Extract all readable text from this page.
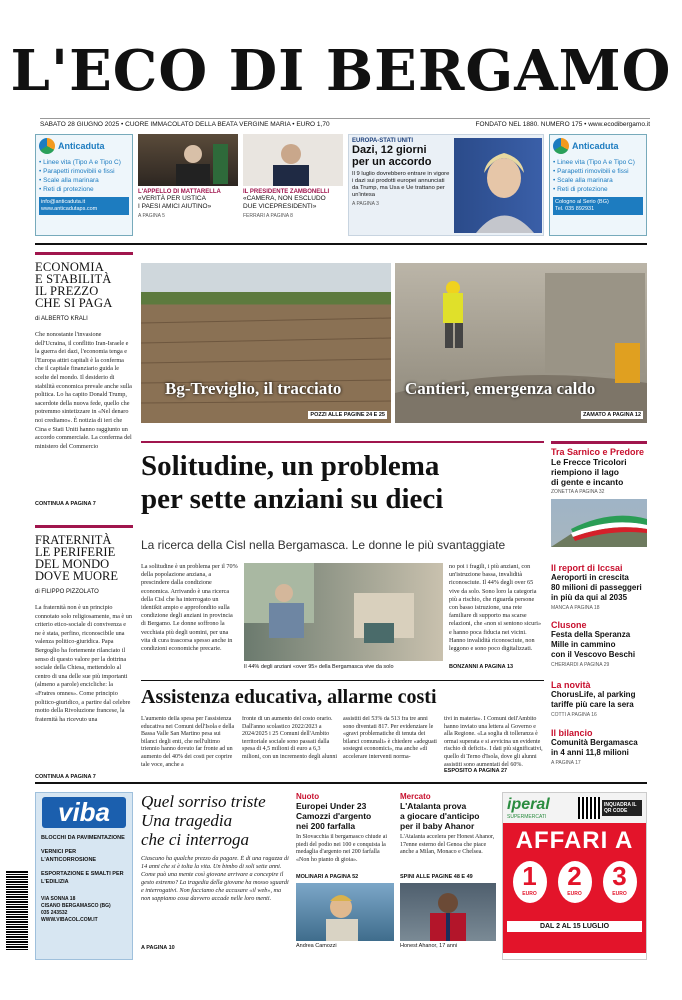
L'ECO DI BERGAMO
SABATO 28 GIUGNO 2025 • CUORE IMMACOLATO DELLA BEATA VERGINE MARIA • EURO 1,70	FONDATO NEL 1880. NUMERO 175 • www.ecodibergamo.it
Anticaduta
• Linee vita (Tipo A e Tipo C)
• Parapetti rimovibili e fissi
• Scale alla marinara
• Reti di protezione
info@anticaduta.it
www.anticadutaps.com
L'APPELLO DI MATTARELLA
«VERITÀ PER USTICA
I PAESI AMICI AIUTINO»
A PAGINA 5
IL PRESIDENTE ZAMBONELLI
«CAMERA, NON ESCLUDO
DUE VICEPRESIDENTI»
FERRARI A PAGINA 8
EUROPA-STATI UNITI
Dazi, 12 giorni
per un accordo
Il 9 luglio dovrebbero entrare in vigore i dazi sui prodotti europei annunciati da Trump, ma Usa e Ue trattano per un'intesa
A PAGINA 3
Anticaduta
• Linee vita (Tipo A e Tipo C)
• Parapetti rimovibili e fissi
• Scale alla marinara
• Reti di protezione
Cologno al Serio (BG)
Tel. 035 892931
ECONOMIA
E STABILITÀ
IL PREZZO
CHE SI PAGA
di ALBERTO KRALI
Che nonostante l'invasione dell'Ucraina, il conflitto Iran-Israele e la guerra dei dazi, l'economia tenga e l'Europa attiri capitali è la conferma che il capitale finanziario guida le scelte del mondo. Il desiderio di stabilità economica prevale anche sulla politica. Lo ha capito Donald Trump, sacerdote della nuova fede, quello che potremmo sintetizzare in «Nel denaro noi crediamo». È notizia di ieri che Cina e Stati Uniti hanno raggiunto un accordo commerciale. La conferma del ministero del Commercio
CONTINUA A PAGINA 7
FRATERNITÀ
LE PERIFERIE
DEL MONDO
DOVE MUORE
di FILIPPO PIZZOLATO
La fraternità non è un principio connotato solo religiosamente, ma è un criterio etico-sociale di convivenza e ne è stata, perfino, riconoscibile una valenza politico-giuridica. Papa Bergoglio ha fortemente rilanciato il senso di questo valore per la dottrina sociale della Chiesa, mettendolo al centro di una delle sue più importanti (almeno a parole) encicliche: la «Fratres omnes». Come principio politico-giuridico, a partire dal celebre motto della Rivoluzione francese, la fraternità ha ricevuto una
CONTINUA A PAGINA 7
Bg-Treviglio, il tracciato
POZZI ALLE PAGINE 24 E 25
Cantieri, emergenza caldo
ZAMATO A PAGINA 12
Solitudine, un problema
per sette anziani su dieci
La ricerca della Cisl nella Bergamasca. Le donne le più svantaggiate
La solitudine è un problema per il 70% della popolazione anziana, a prescindere dalla condizione economica. Arrivando è una ricerca della Cisl che ha interrogato un identikit ampio e approfondito sulla condizione degli anziani in provincia di Bergamo. Le donne soffrono la vecchiaia più degli uomini, per una vita di cura trascorsa spesso anche in condizioni economiche precarie.
Il 44% degli anziani «over 95» della Bergamasca vive da solo
no poi i fragili, i più anziani, con un'istruzione bassa, invalidità riconosciute. Il 44% degli over 65 vive da solo. Sono loro la categoria più a rischio, che riguarda persone con basso istruzione, una rete familiare di supporto ma scarse relazioni, che «non si sentono sicuri» e hanno poca fiducia nei vicini. Hanno invalidità riconosciute, non leggono e sono poco digitalizzati.
BONZANNI A PAGINA 13
Assistenza educativa, allarme costi
L'aumento della spesa per l'assistenza educativa nei Comuni dell'Isola e della Bassa Valle San Martino pesa sui bilanci degli enti, che nell'ultimo triennio hanno dovuto far fronte ad un aumento del 40% dei costi per coprire tale voce, anche a
fronte di un aumento del costo orario. Dall'anno scolastico 2022/2023 a 2024/2025 i 25 Comuni dell'Ambito territoriale sociale sono passati dalla spesa di 4,5 milioni di euro a 6,3 milioni, con un incremento degli alunni
assistiti del 53% da 513 fra tre anni sono diventati 817. Per evidenziare le «gravi problematiche di tenuta dei bilanci comunali» è chiedere «adeguati sostegni economici», ma anche «di accelerare interventi norma-
tivi in materia». I Comuni dell'Ambito hanno inviato una lettera al Governo e alla Regione. «La soglia di tolleranza è ormai superata e si avvicina un evidente rischio di deficit». I dati più significativi, quello di Terno d'Isola, dove gli alunni assistiti sono aumentati del 60%.
ESPOSITO A PAGINA 27
Tra Sarnico e Predore
Le Frecce Tricolori
riempiono il lago
di gente e incanto
ZONETTA A PAGINA 32
Il report di Iccsai
Aeroporti in crescita
80 milioni di passeggeri
in più da qui al 2035
MANCA A PAGINA 18
Clusone
Festa della Speranza
Mille in cammino
con il Vescovo Beschi
CHERIARDI A PAGINA 29
La novità
ChorusLife, al parking
tariffe più care la sera
COTTI A PAGINA 16
Il bilancio
Comunità Bergamasca
in 4 anni 11,8 milioni
A PAGINA 17
viba
BLOCCHI DA PAVIMENTAZIONE
VERNICI PER L'ANTICORROSIONE
ESPORTAZIONE E SMALTI PER L'EDILIZIA
VIA SONNA 18
CISANO BERGAMASCO (BG)
035 243532
WWW.VIBACOL.COM.IT
Quel sorriso triste
Una tragedia
che ci interroga
Ciascuno ha qualche prezzo da pagare. È di una ragazza di 14 anni che si è tolta la vita. Un bimbo di soli sette anni. Come può una mente così giovane arrivare a concepire il gesto estremo? La tragedia della giovane ha mosso sguardi e interrogativi. Non facciamo che accusare «il web», ma non sappiamo cosa davvero accade nelle loro menti.
A PAGINA 10
Nuoto
Europei Under 23
Camozzi d'argento
nei 200 farfalla
In Slovacchia il bergamasco chiude ai piedi del podio nei 100 e conquista la medaglia d'argento nei 200 farfalla «Non ho pianto di gioia».
MOLINARI A PAGINA 52
Andrea Camozzi
Mercato
L'Atalanta prova
a giocare d'anticipo
per il baby Ahanor
L'Atalanta accelera per Honest Ahanor, 17enne esterno del Genoa che piace anche a Milan, Monaco e Chelsea.
SPINI ALLE PAGINE 48 E 49
Honest Ahanor, 17 anni
iperal
SUPERMERCATI
INQUADRA IL QR CODE
AFFARI A
1
EURO
2
EURO
3
EURO
DAL 2 AL 15 LUGLIO
